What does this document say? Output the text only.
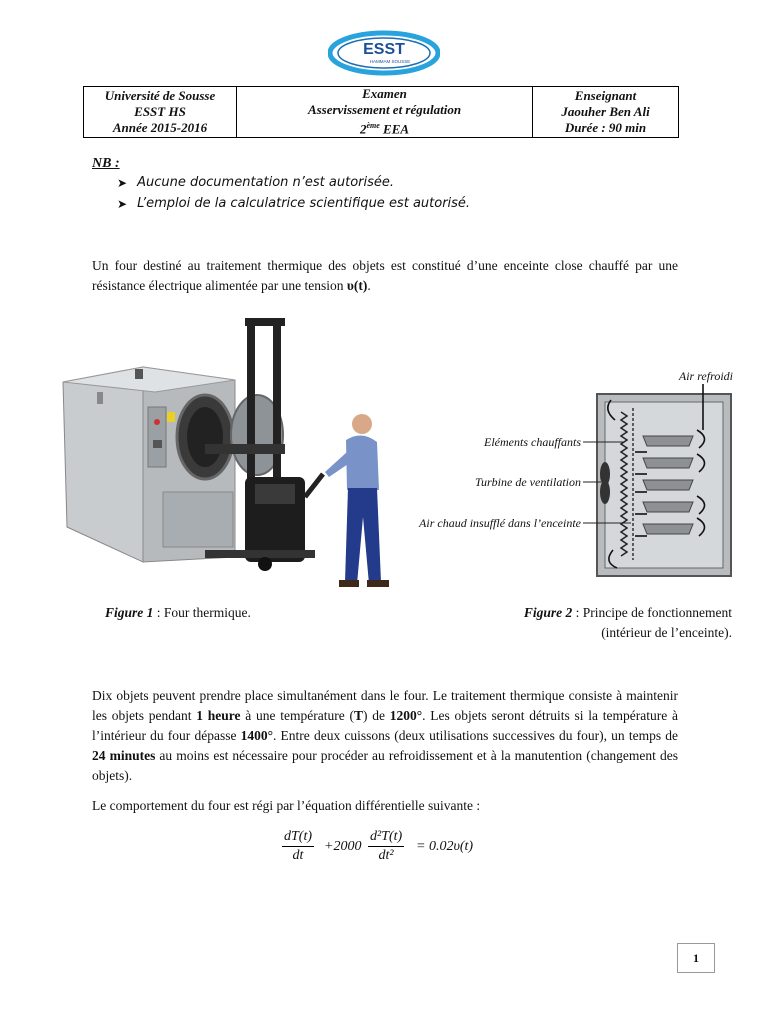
ESST
HAMMAM SOUSSE
Université de Sousse
ESST HS
Année 2015-2016
Examen
Asservissement et régulation
2ème EEA
Enseignant
Jaouher Ben Ali
Durée : 90 min
NB :
➤ Aucune documentation n’est autorisée.
➤ L’emploi de la calculatrice scientifique est autorisé.
Un four destiné au traitement thermique des objets est constitué d’une enceinte close chauffé par une résistance électrique alimentée par une tension υ(t).
Air refroidi
Eléments chauffants
Turbine de ventilation
Air chaud insufflé dans l’enceinte
Figure 1 : Four thermique.	Figure 2 : Principe de fonctionnement
(intérieur de l’enceinte).
Dix objets peuvent prendre place simultanément dans le four. Le traitement thermique consiste à maintenir les objets pendant 1 heure à une température (T) de 1200°. Les objets seront détruits si la température à l’intérieur du four dépasse 1400°. Entre deux cuissons (deux utilisations successives du four), un temps de 24 minutes au moins est nécessaire pour procéder au refroidissement et à la manutention (changement des objets).
Le comportement du four est régi par l’équation différentielle suivante :
$\frac{dT(t)}{dt} +2000 \frac{\text{d²T(t)}}{\text{dt²}} = 0.02\upsilon(t)$
1
